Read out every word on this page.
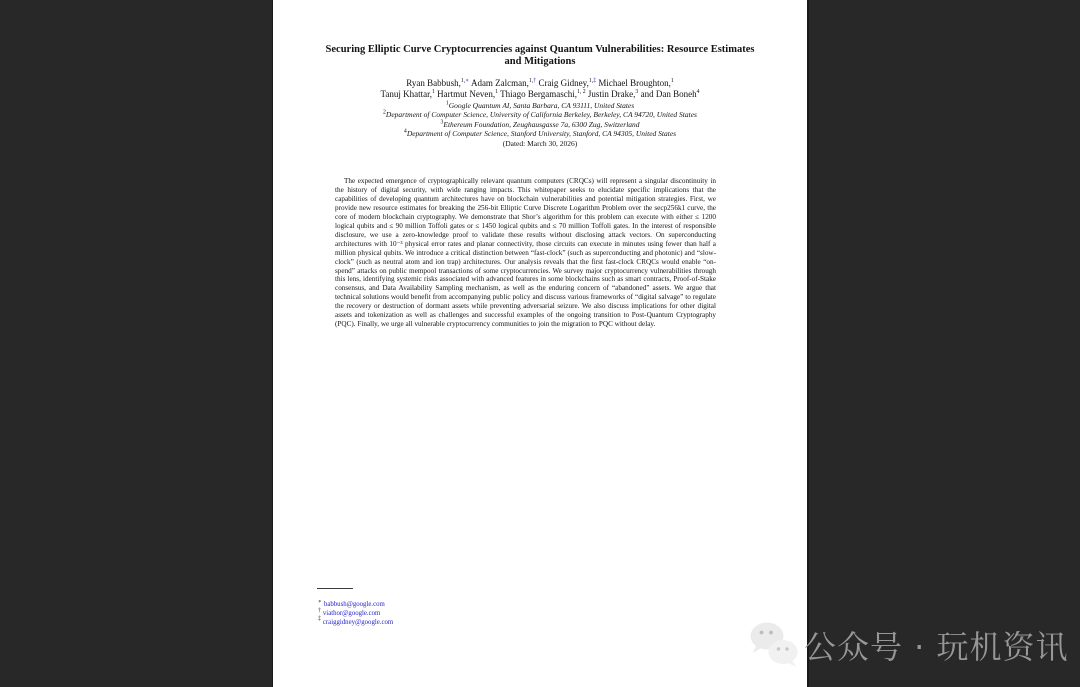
Securing Elliptic Curve Cryptocurrencies against Quantum Vulnerabilities: Resource Estimates and Mitigations
Ryan Babbush,$^{1,∗}$ Adam Zalcman,$^{1,\dagger}$ Craig Gidney,$^{1,\ddagger}$ Michael Broughton,$^1$
Tanuj Khattar,$^1$ Hartmut Neven,$^1$ Thiago Bergamaschi,$^{1, 2}$ Justin Drake,$^3$ and Dan Boneh$^4$
$^1$Google Quantum AI, Santa Barbara, CA 93111, United States
$^2$Department of Computer Science, University of California Berkeley, Berkeley, CA 94720, United States
$^3$Ethereum Foundation, Zeughausgasse 7a, 6300 Zug, Switzerland
$^4$Department of Computer Science, Stanford University, Stanford, CA 94305, United States
(Dated: March 30, 2026)
The expected emergence of cryptographically relevant quantum computers (CRQCs) will represent a singular discontinuity in the history of digital security, with wide ranging impacts. This whitepaper seeks to elucidate specific implications that the capabilities of developing quantum architectures have on blockchain vulnerabilities and potential mitigation strategies. First, we provide new resource estimates for breaking the 256-bit Elliptic Curve Discrete Logarithm Problem over the secp256k1 curve, the core of modern blockchain cryptography. We demonstrate that Shor’s algorithm for this problem can execute with either ≤ 1200 logical qubits and ≤ 90 million Toffoli gates or ≤ 1450 logical qubits and ≤ 70 million Toffoli gates. In the interest of responsible disclosure, we use a zero-knowledge proof to validate these results without disclosing attack vectors. On superconducting architectures with 10⁻³ physical error rates and planar connectivity, those circuits can execute in minutes using fewer than half a million physical qubits. We introduce a critical distinction between “fast-clock” (such as superconducting and photonic) and “slow-clock” (such as neutral atom and ion trap) architectures. Our analysis reveals that the first fast-clock CRQCs would enable “on-spend” attacks on public mempool transactions of some cryptocurrencies. We survey major cryptocurrency vulnerabilities through this lens, identifying systemic risks associated with advanced features in some blockchains such as smart contracts, Proof-of-Stake consensus, and Data Availability Sampling mechanism, as well as the enduring concern of “abandoned” assets. We argue that technical solutions would benefit from accompanying public policy and discuss various frameworks of “digital salvage” to regulate the recovery or destruction of dormant assets while preventing adversarial seizure. We also discuss implications for other digital assets and tokenization as well as challenges and successful examples of the ongoing transition to Post-Quantum Cryptography (PQC). Finally, we urge all vulnerable cryptocurrency communities to join the migration to PQC without delay.
∗ babbush@google.com
† viathor@google.com
‡ craiggidney@google.com
公众号 · 玩机资讯
